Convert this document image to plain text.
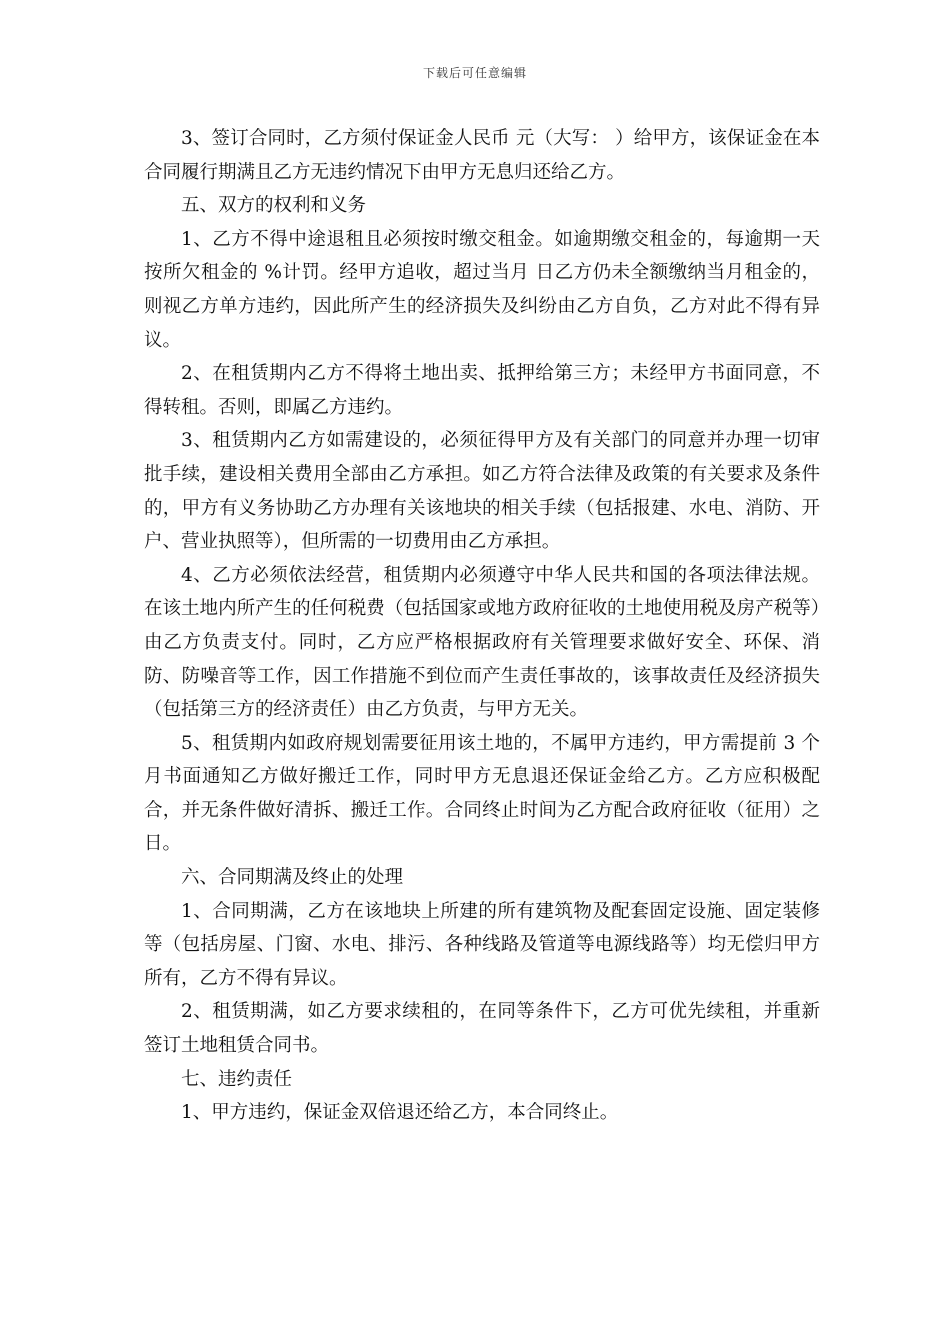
下载后可任意编辑

3、签订合同时，乙方须付保证金人民币 元（大写： ）给甲方，该保证金在本合同履行期满且乙方无违约情况下由甲方无息归还给乙方。

五、双方的权利和义务

1、乙方不得中途退租且必须按时缴交租金。如逾期缴交租金的，每逾期一天按所欠租金的 %计罚。经甲方追收，超过当月 日乙方仍未全额缴纳当月租金的，则视乙方单方违约，因此所产生的经济损失及纠纷由乙方自负，乙方对此不得有异议。

2、在租赁期内乙方不得将土地出卖、抵押给第三方；未经甲方书面同意，不得转租。否则，即属乙方违约。

3、租赁期内乙方如需建设的，必须征得甲方及有关部门的同意并办理一切审批手续，建设相关费用全部由乙方承担。如乙方符合法律及政策的有关要求及条件的，甲方有义务协助乙方办理有关该地块的相关手续（包括报建、水电、消防、开户、营业执照等），但所需的一切费用由乙方承担。

4、乙方必须依法经营，租赁期内必须遵守中华人民共和国的各项法律法规。在该土地内所产生的任何税费（包括国家或地方政府征收的土地使用税及房产税等）由乙方负责支付。同时，乙方应严格根据政府有关管理要求做好安全、环保、消防、防噪音等工作，因工作措施不到位而产生责任事故的，该事故责任及经济损失（包括第三方的经济责任）由乙方负责，与甲方无关。

5、租赁期内如政府规划需要征用该土地的，不属甲方违约，甲方需提前 3 个月书面通知乙方做好搬迁工作，同时甲方无息退还保证金给乙方。乙方应积极配合，并无条件做好清拆、搬迁工作。合同终止时间为乙方配合政府征收（征用）之日。

六、合同期满及终止的处理

1、合同期满，乙方在该地块上所建的所有建筑物及配套固定设施、固定装修等（包括房屋、门窗、水电、排污、各种线路及管道等电源线路等）均无偿归甲方所有，乙方不得有异议。

2、租赁期满，如乙方要求续租的，在同等条件下，乙方可优先续租，并重新签订土地租赁合同书。

七、违约责任

1、甲方违约，保证金双倍退还给乙方，本合同终止。
